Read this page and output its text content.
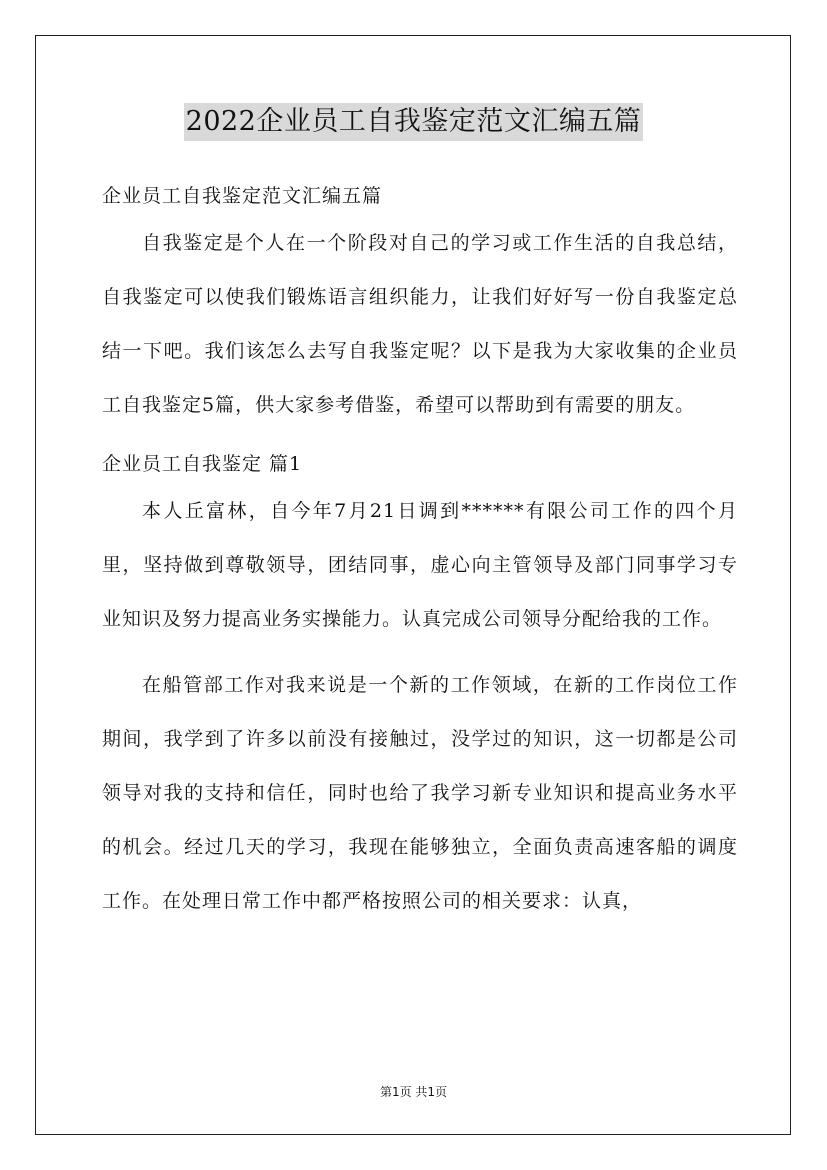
2022企业员工自我鉴定范文汇编五篇

企业员工自我鉴定范文汇编五篇

自我鉴定是个人在一个阶段对自己的学习或工作生活的自我总结，自我鉴定可以使我们锻炼语言组织能力，让我们好好写一份自我鉴定总结一下吧。我们该怎么去写自我鉴定呢？以下是我为大家收集的企业员工自我鉴定5篇，供大家参考借鉴，希望可以帮助到有需要的朋友。

企业员工自我鉴定 篇1

本人丘富林，自今年7月21日调到******有限公司工作的四个月里，坚持做到尊敬领导，团结同事，虚心向主管领导及部门同事学习专业知识及努力提高业务实操能力。认真完成公司领导分配给我的工作。

在船管部工作对我来说是一个新的工作领域，在新的工作岗位工作期间，我学到了许多以前没有接触过，没学过的知识，这一切都是公司领导对我的支持和信任，同时也给了我学习新专业知识和提高业务水平的机会。经过几天的学习，我现在能够独立，全面负责高速客船的调度工作。在处理日常工作中都严格按照公司的相关要求：认真，

第1页 共1页
